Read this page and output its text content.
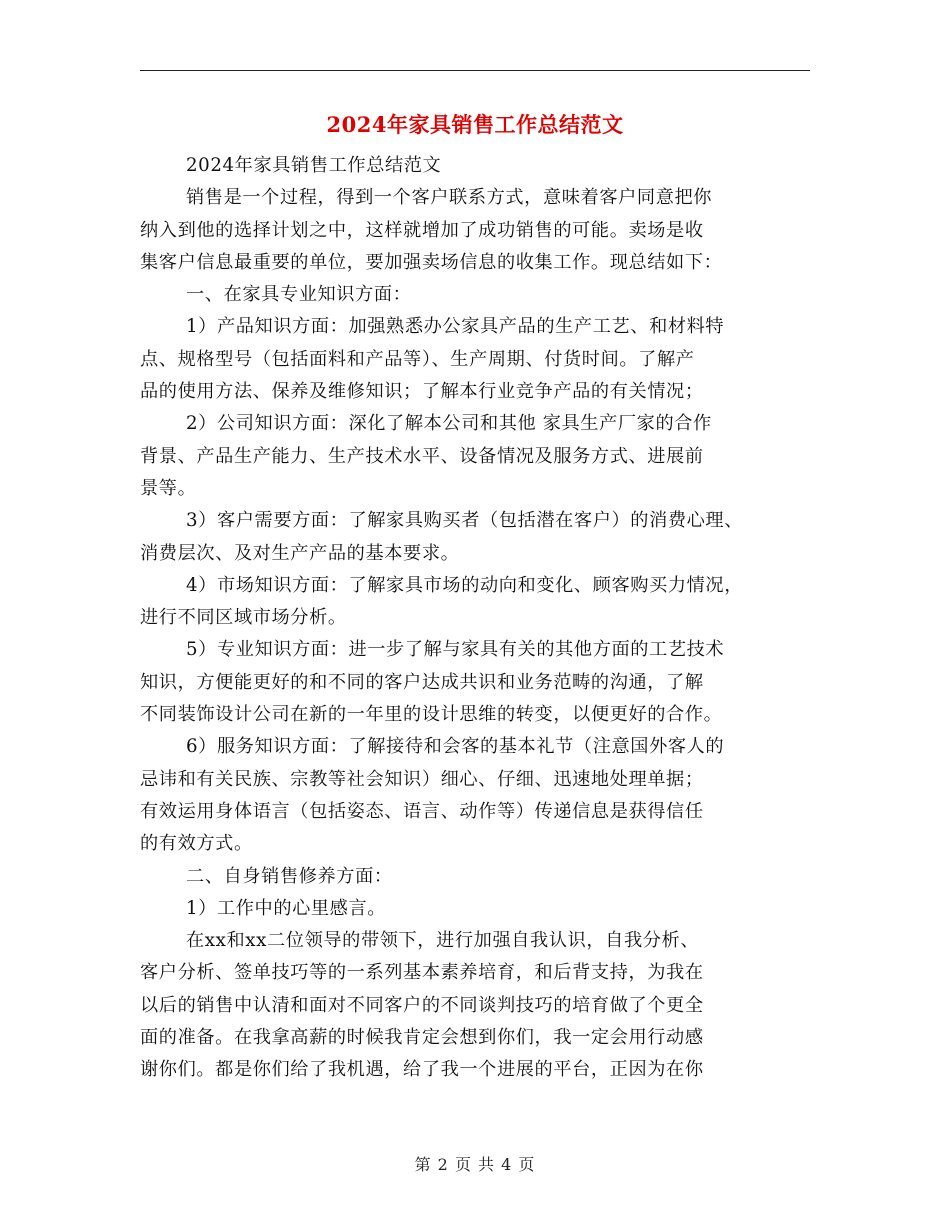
2024年家具销售工作总结范文
2024年家具销售工作总结范文
销售是一个过程，得到一个客户联系方式，意味着客户同意把你
纳入到他的选择计划之中，这样就增加了成功销售的可能。卖场是收
集客户信息最重要的单位，要加强卖场信息的收集工作。现总结如下：
一、在家具专业知识方面：
1）产品知识方面：加强熟悉办公家具产品的生产工艺、和材料特
点、规格型号（包括面料和产品等）、生产周期、付货时间。了解产
品的使用方法、保养及维修知识；了解本行业竞争产品的有关情况；
2）公司知识方面：深化了解本公司和其他 家具生产厂家的合作
背景、产品生产能力、生产技术水平、设备情况及服务方式、进展前
景等。
3）客户需要方面：了解家具购买者（包括潜在客户）的消费心理、
消费层次、及对生产产品的基本要求。
4）市场知识方面：了解家具市场的动向和变化、顾客购买力情况，
进行不同区域市场分析。
5）专业知识方面：进一步了解与家具有关的其他方面的工艺技术
知识，方便能更好的和不同的客户达成共识和业务范畴的沟通，了解
不同装饰设计公司在新的一年里的设计思维的转变，以便更好的合作。
6）服务知识方面：了解接待和会客的基本礼节（注意国外客人的
忌讳和有关民族、宗教等社会知识）细心、仔细、迅速地处理单据；
有效运用身体语言（包括姿态、语言、动作等）传递信息是获得信任
的有效方式。
二、自身销售修养方面：
1）工作中的心里感言。
在xx和xx二位领导的带领下，进行加强自我认识，自我分析、
客户分析、签单技巧等的一系列基本素养培育，和后背支持，为我在
以后的销售中认清和面对不同客户的不同谈判技巧的培育做了个更全
面的准备。在我拿高薪的时候我肯定会想到你们，我一定会用行动感
谢你们。都是你们给了我机遇，给了我一个进展的平台，正因为在你
第 2 页 共 4 页
